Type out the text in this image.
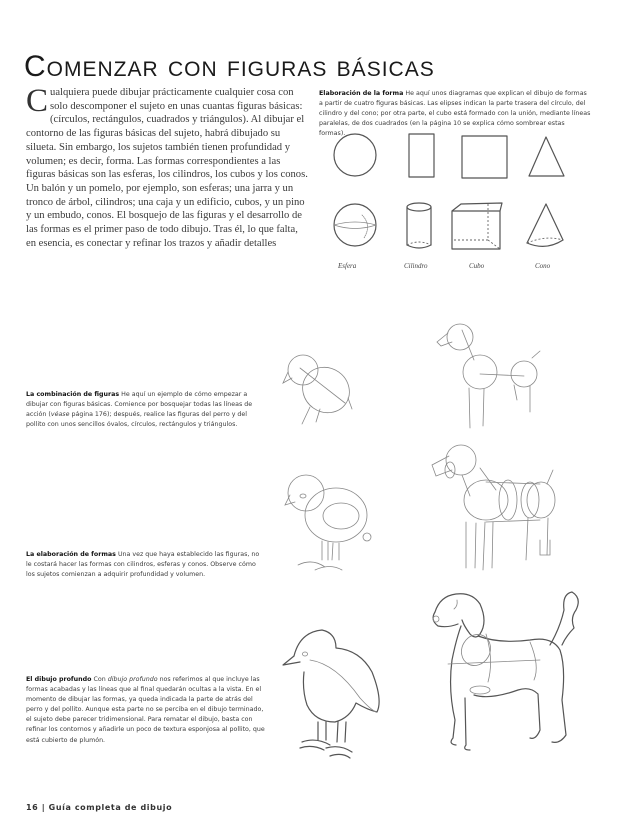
Comenzar con figuras básicas
Cualquiera puede dibujar prácticamente cualquier cosa con solo descomponer el sujeto en unas cuantas figuras básicas: (círculos, rectángulos, cuadrados y triángulos). Al dibujar el contorno de las figuras básicas del sujeto, habrá dibujado su silueta. Sin embargo, los sujetos también tienen profundidad y volumen; es decir, forma. Las formas correspondientes a las figuras básicas son las esferas, los cilindros, los cubos y los conos. Un balón y un pomelo, por ejemplo, son esferas; una jarra y un tronco de árbol, cilindros; una caja y un edificio, cubos, y un pino y un embudo, conos. El bosquejo de las figuras y el desarrollo de las formas es el primer paso de todo dibujo. Tras él, lo que falta, en esencia, es conectar y refinar los trazos y añadir detalles
Elaboración de la forma He aquí unos diagramas que explican el dibujo de formas a partir de cuatro figuras básicas. Las elipses indican la parte trasera del círculo, del cilindro y del cono; por otra parte, el cubo está formado con la unión, mediante líneas paralelas, de dos cuadrados (en la página 10 se explica cómo sombrear estas formas).
La combinación de figuras He aquí un ejemplo de cómo empezar a dibujar con figuras básicas. Comience por bosquejar todas las líneas de acción (véase página 176); después, realice las figuras del perro y del pollito con unos sencillos óvalos, círculos, rectángulos y triángulos.
La elaboración de formas Una vez que haya establecido las figuras, no le costará hacer las formas con cilindros, esferas y conos. Observe cómo los sujetos comienzan a adquirir profundidad y volumen.
El dibujo profundo Con dibujo profundo nos referimos al que incluye las formas acabadas y las líneas que al final quedarán ocultas a la vista. En el momento de dibujar las formas, ya queda indicada la parte de atrás del perro y del pollito. Aunque esta parte no se perciba en el dibujo terminado, el sujeto debe parecer tridimensional. Para rematar el dibujo, basta con refinar los contornos y añadirle un poco de textura esponjosa al pollito, que está cubierto de plumón.
Esfera	Cilindro	Cubo	Cono
16 | Guía completa de dibujo
